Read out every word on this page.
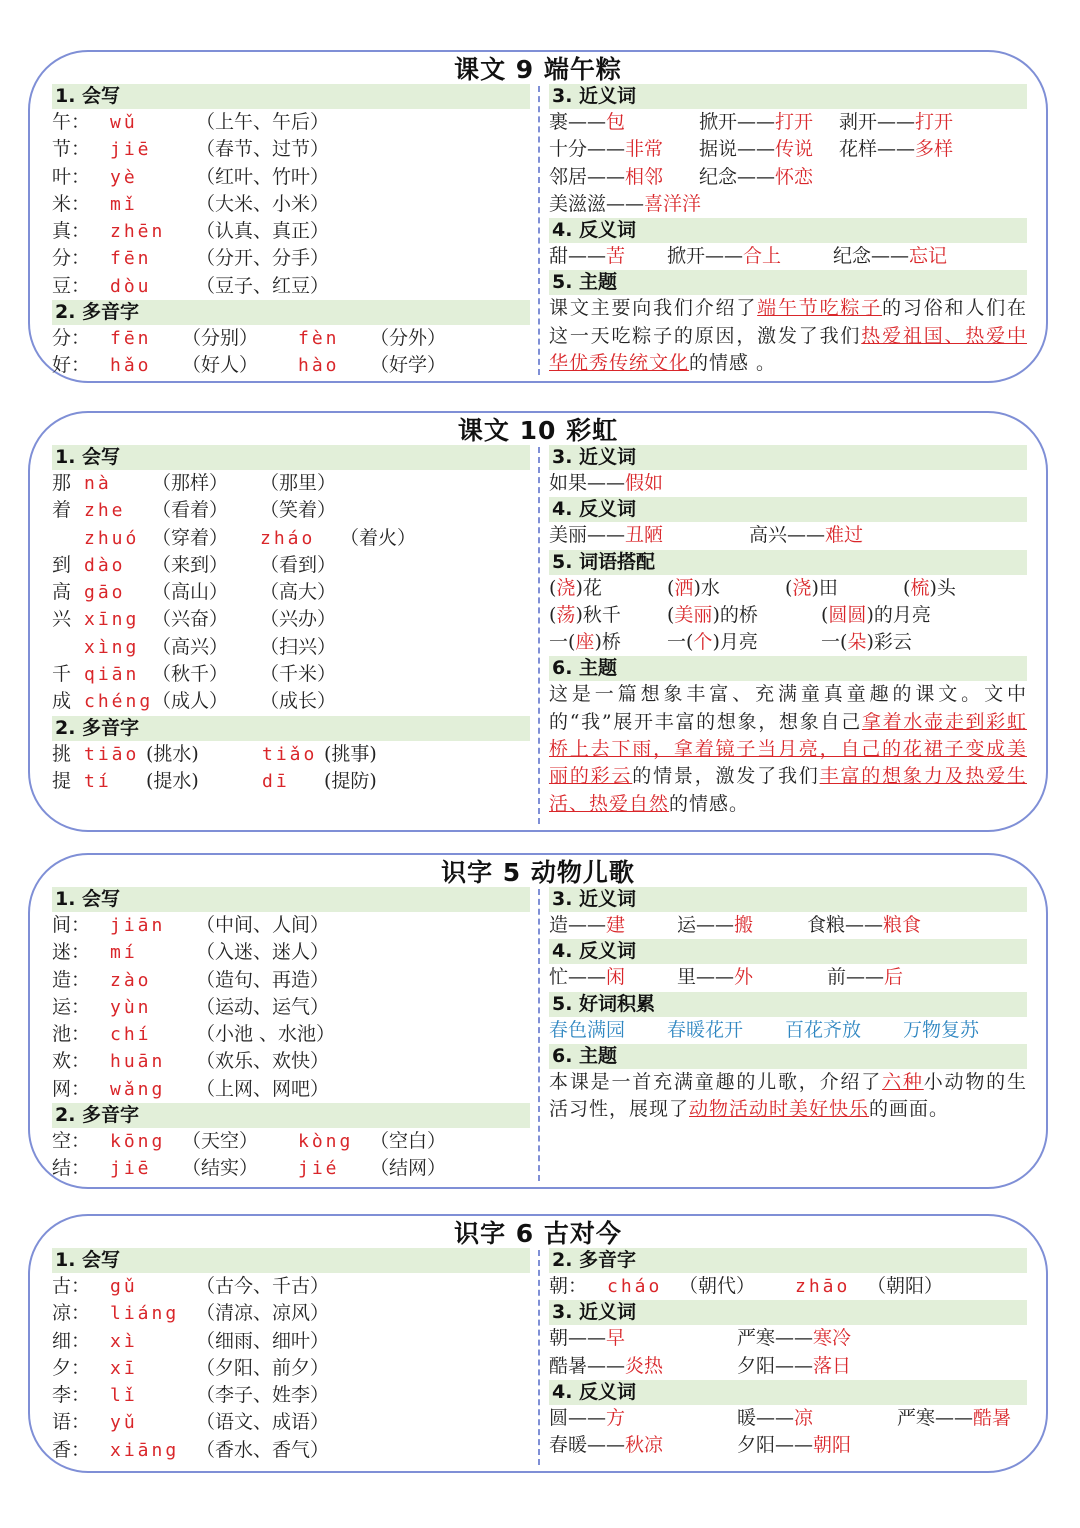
课文 9 端午粽
1. 会写
午： wǔ	（上午、午后）
节： jiē （春节、过节）
叶： yè	（红叶、竹叶）
米： mǐ	（大米、小米）
真： zhēn （认真、真正）
分： fēn （分开、分手）
豆： dòu （豆子、红豆）
2. 多音字
分： fēn （分别） fèn （分外）
好： hǎo （好人） hào （好学）
3. 近义词
裹——包	掀开——打开 剥开——打开
十分——非常 据说——传说 花样——多样
邻居——相邻 纪念——怀恋
美滋滋——喜洋洋
4. 反义词
甜——苦 掀开——合上	纪念——忘记
5. 主题
课文主要向我们介绍了端午节吃粽子的习俗和人们在这一天吃粽子的原因，激发了我们热爱祖国、热爱中华优秀传统文化的情感 。
课文 10 彩虹
1. 会写
那 nà （那样） （那里）
着 zhe （看着） （笑着）
zhuó （穿着） zháo （着火）
到 dào （来到） （看到）
高 gāo （高山） （高大）
兴 xīng （兴奋） （兴办）
xìng （高兴） （扫兴）
千 qiān （秋千） （千米）
成 chéng（成人） （成长）
2. 多音字
挑 tiāo (挑水)	tiǎo (挑事)
提 tí (提水)	dī (提防)
3. 近义词
如果——假如
4. 反义词
美丽——丑陋	高兴——难过
5. 词语搭配
(浇)花	(洒)水	(浇)田	(梳)头
(荡)秋千 (美丽)的桥	(圆圆)的月亮
一(座)桥 一(个)月亮	一(朵)彩云
6. 主题
这是一篇想象丰富、充满童真童趣的课文。文中的“我”展开丰富的想象，想象自己拿着水壶走到彩虹桥上去下雨，拿着镜子当月亮，自己的花裙子变成美丽的彩云的情景，激发了我们丰富的想象力及热爱生活、热爱自然的情感。
识字 5 动物儿歌
1. 会写
间： jiān （中间、人间）
迷： mí	（入迷、迷人）
造： zào （造句、再造）
运： yùn （运动、运气）
池： chí （小池 、水池）
欢： huān （欢乐、欢快）
网： wǎng （上网、网吧）
2. 多音字
空： kōng （天空） kòng （空白）
结： jiē （结实） jié （结网）
3. 近义词
造——建	运——搬	食粮——粮食
4. 反义词
忙——闲	里——外	前——后
5. 好词积累
春色满园 春暖花开 百花齐放 万物复苏
6. 主题
本课是一首充满童趣的儿歌，介绍了六种小动物的生活习性，展现了动物活动时美好快乐的画面。
识字 6 古对今
1. 会写
古： gǔ	（古今、千古）
凉： liáng （清凉、凉风）
细： xì	（细雨、细叶）
夕： xī	（夕阳、前夕）
李： lǐ	（李子、姓李）
语： yǔ	（语文、成语）
香： xiāng （香水、香气）
2. 多音字
朝： cháo （朝代） zhāo （朝阳）
3. 近义词
朝——早	严寒——寒冷
酷暑——炎热	夕阳——落日
4. 反义词
圆——方	暖——凉	严寒——酷暑
春暖——秋凉	夕阳——朝阳
